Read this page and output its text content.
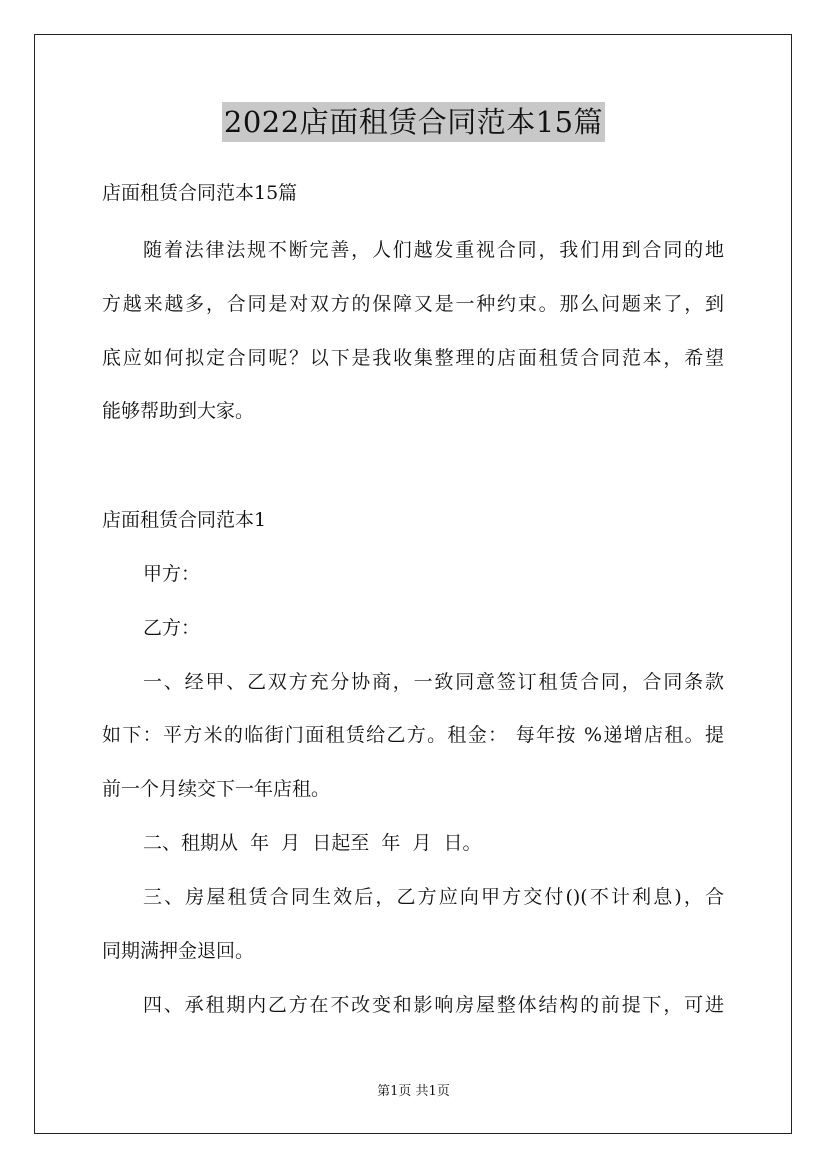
2022店面租赁合同范本15篇
店面租赁合同范本15篇
随着法律法规不断完善，人们越发重视合同，我们用到合同的地
方越来越多，合同是对双方的保障又是一种约束。那么问题来了，到
底应如何拟定合同呢？以下是我收集整理的店面租赁合同范本，希望
能够帮助到大家。
店面租赁合同范本1
甲方：
乙方：
一、经甲、乙双方充分协商，一致同意签订租赁合同，合同条款
如下：平方米的临街门面租赁给乙方。租金： 每年按 %递增店租。提
前一个月续交下一年店租。
二、租期从  年  月  日起至  年  月  日。
三、房屋租赁合同生效后，乙方应向甲方交付()(不计利息)，合
同期满押金退回。
四、承租期内乙方在不改变和影响房屋整体结构的前提下，可进
第1页 共1页
